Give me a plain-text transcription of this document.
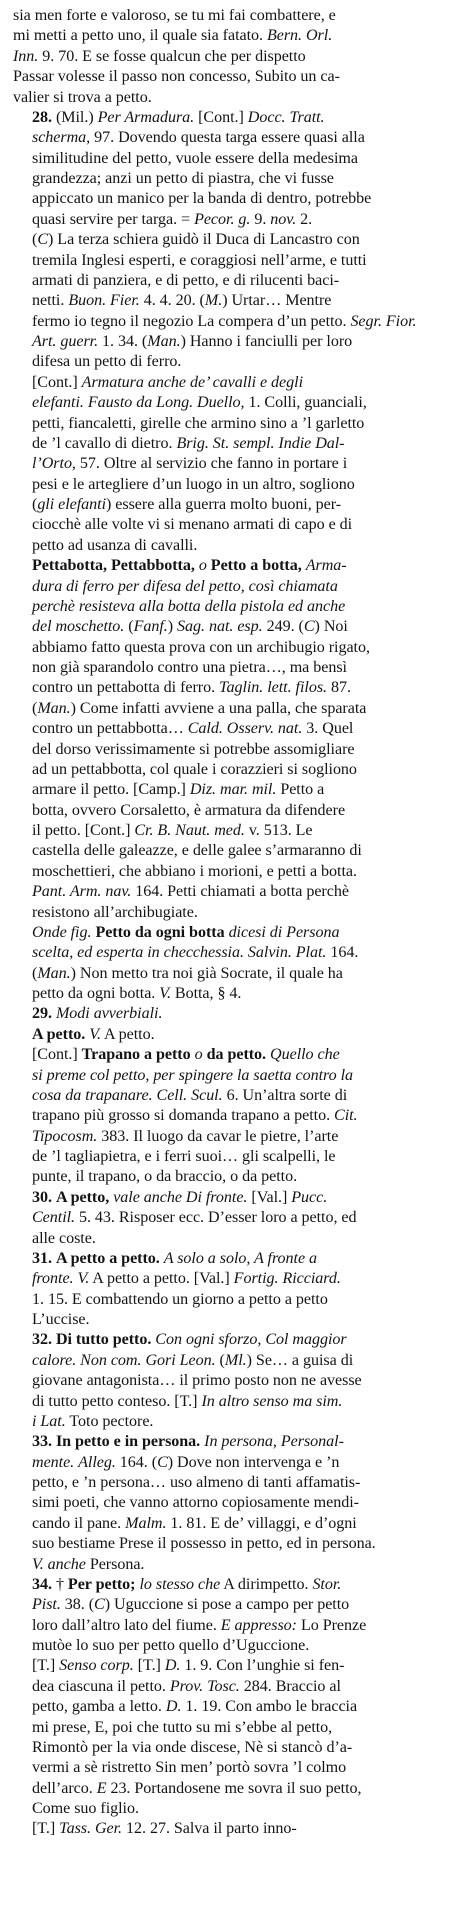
sia men forte e valoroso, se tu mi fai combattere, e
mi metti a petto uno, il quale sia fatato. Bern. Orl.
Inn. 9. 70. E se fosse qualcun che per dispetto
Passar volesse il passo non concesso, Subito un ca-
valier si trova a petto.
28. (Mil.) Per Armadura. [Cont.] Docc. Tratt.
scherma, 97. Dovendo questa targa essere quasi alla
similitudine del petto, vuole essere della medesima
grandezza; anzi un petto di piastra, che vi fusse
appiccato un manico per la banda di dentro, potrebbe
quasi servire per targa. = Pecor. g. 9. nov. 2.
(C) La terza schiera guidò il Duca di Lancastro con
tremila Inglesi esperti, e coraggiosi nell’arme, e tutti
armati di panziera, e di petto, e di rilucenti baci-
netti. Buon. Fier. 4. 4. 20. (M.) Urtar… Mentre
fermo io tegno il negozio La compera d’un petto. Segr. Fior.
Art. guerr. 1. 34. (Man.) Hanno i fanciulli per loro
difesa un petto di ferro.
[Cont.] Armatura anche de’ cavalli e degli
elefanti. Fausto da Long. Duello, 1. Colli, guanciali,
petti, fiancaletti, girelle che armino sino a ’l garletto
de ’l cavallo di dietro. Brig. St. sempl. Indie Dal-
l’Orto, 57. Oltre al servizio che fanno in portare i
pesi e le artegliere d’un luogo in un altro, sogliono
(gli elefanti) essere alla guerra molto buoni, per-
ciocchè alle volte vi si menano armati di capo e di
petto ad usanza di cavalli.
Pettabotta, Pettabbotta, o Petto a botta, Arma-
dura di ferro per difesa del petto, così chiamata
perchè resisteva alla botta della pistola ed anche
del moschetto. (Fanf.) Sag. nat. esp. 249. (C) Noi
abbiamo fatto questa prova con un archibugio rigato,
non già sparandolo contro una pietra…, ma bensì
contro un pettabotta di ferro. Taglin. lett. filos. 87.
(Man.) Come infatti avviene a una palla, che sparata
contro un pettabbotta… Cald. Osserv. nat. 3. Quel
del dorso verissimamente si potrebbe assomigliare
ad un pettabbotta, col quale i corazzieri si sogliono
armare il petto. [Camp.] Diz. mar. mil. Petto a
botta, ovvero Corsaletto, è armatura da difendere
il petto. [Cont.] Cr. B. Naut. med. v. 513. Le
castella delle galeazze, e delle galee s’armaranno di
moschettieri, che abbiano i morioni, e petti a botta.
Pant. Arm. nav. 164. Petti chiamati a botta perchè
resistono all’archibugiate.
Onde fig. Petto da ogni botta dicesi di Persona
scelta, ed esperta in checchessia. Salvin. Plat. 164.
(Man.) Non metto tra noi già Socrate, il quale ha
petto da ogni botta. V. Botta, § 4.
29. Modi avverbiali.
A petto. V. A petto.
[Cont.] Trapano a petto o da petto. Quello che
si preme col petto, per spingere la saetta contro la
cosa da trapanare. Cell. Scul. 6. Un’altra sorte di
trapano più grosso si domanda trapano a petto. Cit.
Tipocosm. 383. Il luogo da cavar le pietre, l’arte
de ’l tagliapietra, e i ferri suoi… gli scalpelli, le
punte, il trapano, o da braccio, o da petto.
30. A petto, vale anche Di fronte. [Val.] Pucc.
Centil. 5. 43. Risposer ecc. D’esser loro a petto, ed
alle coste.
31. A petto a petto. A solo a solo, A fronte a
fronte. V. A petto a petto. [Val.] Fortig. Ricciard.
1. 15. E combattendo un giorno a petto a petto
L’uccise.
32. Di tutto petto. Con ogni sforzo, Col maggior
calore. Non com. Gori Leon. (Ml.) Se… a guisa di
giovane antagonista… il primo posto non ne avesse
di tutto petto conteso. [T.] In altro senso ma sim.
i Lat. Toto pectore.
33. In petto e in persona. In persona, Personal-
mente. Alleg. 164. (C) Dove non intervenga e ’n
petto, e ’n persona… uso almeno di tanti affamatis-
simi poeti, che vanno attorno copiosamente mendi-
cando il pane. Malm. 1. 81. E de’ villaggi, e d’ogni
suo bestiame Prese il possesso in petto, ed in persona.
V. anche Persona.
34. † Per petto; lo stesso che A dirimpetto. Stor.
Pist. 38. (C) Uguccione si pose a campo per petto
loro dall’altro lato del fiume. E appresso: Lo Prenze
mutòe lo suo per petto quello d’Uguccione.
[T.] Senso corp. [T.] D. 1. 9. Con l’unghie si fen-
dea ciascuna il petto. Prov. Tosc. 284. Braccio al
petto, gamba a letto. D. 1. 19. Con ambo le braccia
mi prese, E, poi che tutto su mi s’ebbe al petto,
Rimontò per la via onde discese, Nè si stancò d’a-
vermi a sè ristretto Sin men’ portò sovra ’l colmo
dell’arco. E 23. Portandosene me sovra il suo petto,
Come suo figlio.
[T.] Tass. Ger. 12. 27. Salva il parto inno-
